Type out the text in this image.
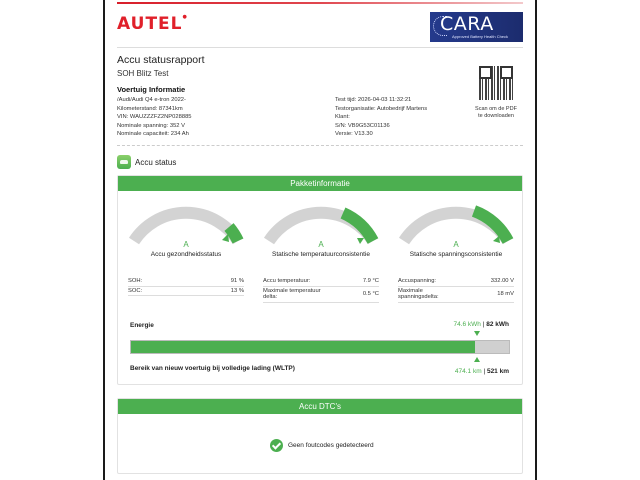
AUTEL●	CARA
Approved Battery Health Check
Accu statusrapport
SOH Blitz Test
Scan om de PDF
te downloaden
Voertuig Informatie
/Audi/Audi Q4 e-tron 2022-
Kilometerstand: 87341km
VIN: WAUZZZFZ2NP028885
Nominale spanning: 352 V
Nominale capaciteit: 234 Ah
Test tijd: 2026-04-03 11:32:21
Testorganisatie: Autobedrijf Martens
Klant:
S/N: VB9G53C01136
Versie: V13.30
Accu status
Pakketinformatie
A
Accu gezondheidsstatus
SOH:	91 %
SOC:	13 %
A
Statische temperatuurconsistentie
Accu temperatuur:	7.9 °C
Maximale temperatuur delta:	0.5 °C
A
Statische spanningsconsistentie
Accuspanning:	332.00 V
Maximale spanningsdelta:	18 mV
Energie	74.6 kWh | 82 kWh
Bereik van nieuw voertuig bij volledige lading (WLTP)	474.1 km | 521 km
Accu DTC's
Geen foutcodes gedetecteerd
